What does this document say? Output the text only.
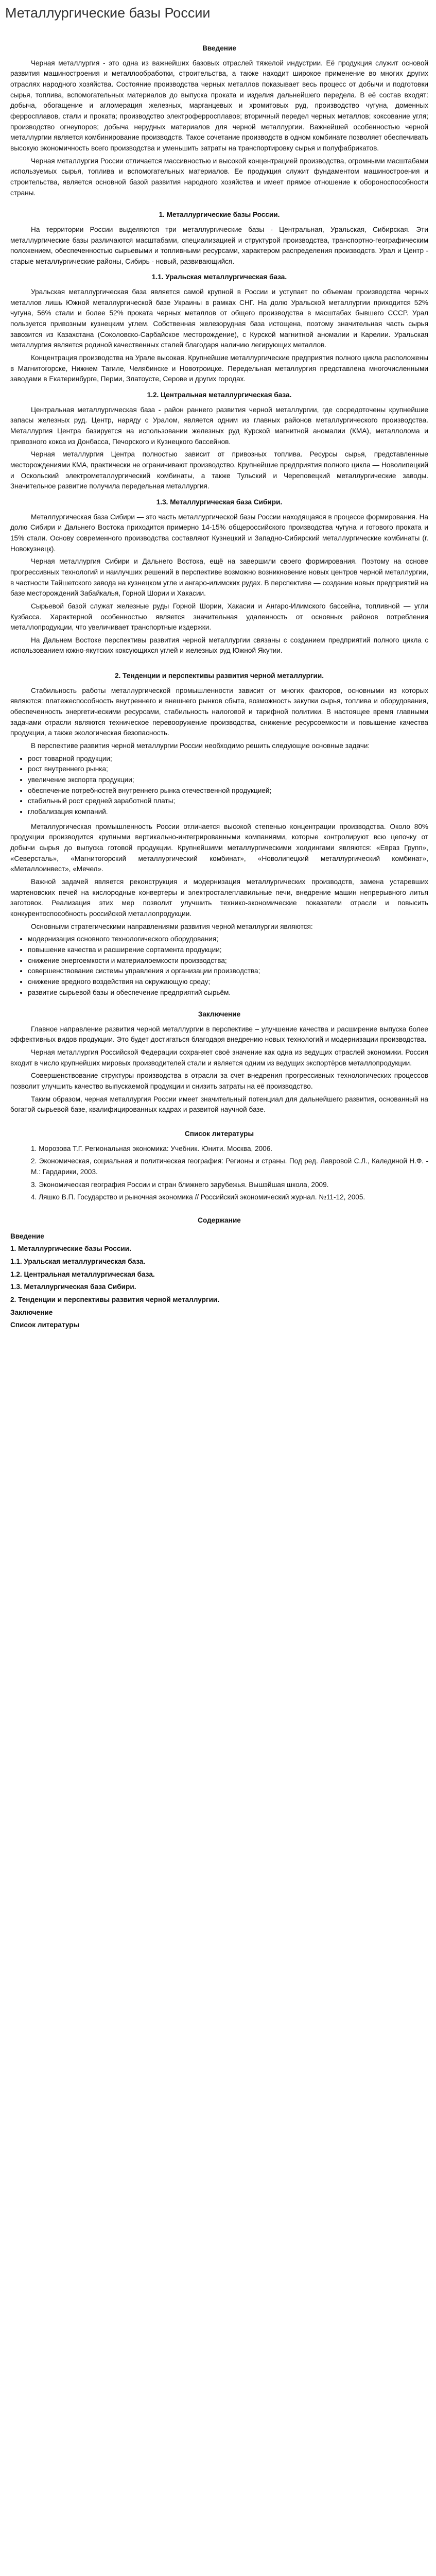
Металлургические базы России
Введение

Черная металлургия - это одна из важнейших базовых отраслей тяжелой индустрии. Её продукция служит основой развития машиностроения и металлообработки, строительства, а также находит широкое применение во многих других отраслях народного хозяйства. Состояние производства черных металлов показывает весь процесс от добычи и подготовки сырья, топлива, вспомогательных материалов до выпуска проката и изделия дальнейшего передела. В её состав входят: добыча, обогащение и агломерация железных, марганцевых и хромитовых руд, производство чугуна, доменных ферросплавов, стали и проката; производство электроферросплавов; вторичный передел черных металлов; коксование угля; производство огнеупоров; добыча нерудных материалов для черной металлургии. Важнейшей особенностью черной металлургии является комбинирование производств. Такое сочетание производств в одном комбинате позволяет обеспечивать высокую экономичность всего производства и уменьшить затраты на транспортировку сырья и полуфабрикатов.

Черная металлургия России отличается массивностью и высокой концентрацией производства, огромными масштабами используемых сырья, топлива и вспомогательных материалов. Ее продукция служит фундаментом машиностроения и строительства, является основной базой развития народного хозяйства и имеет прямое отношение к обороноспособности страны.

1. Металлургические базы России.

На территории России выделяются три металлургические базы - Центральная, Уральская, Сибирская. Эти металлургические базы различаются масштабами, специализацией и структурой производства, транспортно-географическим положением, обеспеченностью сырьевыми и топливными ресурсами, характером распределения производств. Урал и Центр - старые металлургические районы, Сибирь - новый, развивающийся.

1.1. Уральская металлургическая база.

Уральская металлургическая база является самой крупной в России и уступает по объемам производства черных металлов лишь Южной металлургической базе Украины в рамках СНГ. На долю Уральской металлургии приходится 52% чугуна, 56% стали и более 52% проката черных металлов от общего производства в масштабах бывшего СССР. Урал пользуется привозным кузнецким углем. Собственная железорудная база истощена, поэтому значительная часть сырья завозится из Казахстана (Соколовско-Сарбайское месторождение), с Курской магнитной аномалии и Карелии. Уральская металлургия является родиной качественных сталей благодаря наличию легирующих металлов.

Концентрация производства на Урале высокая. Крупнейшие металлургические предприятия полного цикла расположены в Магнитогорске, Нижнем Тагиле, Челябинске и Новотроицке. Передельная металлургия представлена многочисленными заводами в Екатеринбурге, Перми, Златоусте, Серове и других городах.

1.2. Центральная металлургическая база.

Центральная металлургическая база - район раннего развития черной металлургии, где сосредоточены крупнейшие запасы железных руд. Центр, наряду с Уралом, является одним из главных районов металлургического производства. Металлургия Центра базируется на использовании железных руд Курской магнитной аномалии (КМА), металлолома и привозного кокса из Донбасса, Печорского и Кузнецкого бассейнов.

Черная металлургия Центра полностью зависит от привозных топлива. Ресурсы сырья, представленные месторождениями КМА, практически не ограничивают производство. Крупнейшие предприятия полного цикла — Новолипецкий и Оскольский электрометаллургический комбинаты, а также Тульский и Череповецкий металлургические заводы. Значительное развитие получила передельная металлургия.

1.3. Металлургическая база Сибири.

Металлургическая база Сибири — это часть металлургической базы России находящаяся в процессе формирования. На долю Сибири и Дальнего Востока приходится примерно 14-15% общероссийского производства чугуна и готового проката и 15% стали. Основу современного производства составляют Кузнецкий и Западно-Сибирский металлургические комбинаты (г. Новокузнецк).

Черная металлургия Сибири и Дальнего Востока, ещё на завершили своего формирования. Поэтому на основе прогрессивных технологий и наилучших решений в перспективе возможно возникновение новых центров черной металлургии, в частности Тайшетского завода на кузнецком угле и ангаро-илимских рудах. В перспективе — создание новых предприятий на базе месторождений Забайкалья, Горной Шории и Хакасии.

Сырьевой базой служат железные руды Горной Шории, Хакасии и Ангаро-Илимского бассейна, топливной — угли Кузбасса. Характерной особенностью является значительная удаленность от основных районов потребления металлопродукции, что увеличивает транспортные издержки.

На Дальнем Востоке перспективы развития черной металлургии связаны с созданием предприятий полного цикла с использованием южно-якутских коксующихся углей и железных руд Южной Якутии.

2. Тенденции и перспективы развития черной металлургии.

Стабильность работы металлургической промышленности зависит от многих факторов, основными из которых являются: платежеспособность внутреннего и внешнего рынков сбыта, возможность закупки сырья, топлива и оборудования, обеспеченность энергетическими ресурсами, стабильность налоговой и тарифной политики. В настоящее время главными задачами отрасли являются техническое перевооружение производства, снижение ресурсоемкости и повышение качества продукции, а также экологическая безопасность.

В перспективе развития черной металлургии России необходимо решить следующие основные задачи:

• рост товарной продукции;
• рост внутреннего рынка;
• увеличение экспорта продукции;
• обеспечение потребностей внутреннего рынка отечественной продукцией;
• стабильный рост средней заработной платы;
• глобализация компаний.

Металлургическая промышленность России отличается высокой степенью концентрации производства. Около 80% продукции производится крупными вертикально-интегрированными компаниями, которые контролируют всю цепочку от добычи сырья до выпуска готовой продукции. Крупнейшими металлургическими холдингами являются: «Евраз Групп», «Северсталь», «Магнитогорский металлургический комбинат», «Новолипецкий металлургический комбинат», «Металлоинвест», «Мечел».

Важной задачей является реконструкция и модернизация металлургических производств, замена устаревших мартеновских печей на кислородные конвертеры и электросталеплавильные печи, внедрение машин непрерывного литья заготовок. Реализация этих мер позволит улучшить технико-экономические показатели отрасли и повысить конкурентоспособность российской металлопродукции.

Основными стратегическими направлениями развития черной металлургии являются:

• модернизация основного технологического оборудования;
• повышение качества и расширение сортамента продукции;
• снижение энергоемкости и материалоемкости производства;
• совершенствование системы управления и организации производства;
• снижение вредного воздействия на окружающую среду;
• развитие сырьевой базы и обеспечение предприятий сырьём.
Заключение

Главное направление развития черной металлургии в перспективе – улучшение качества и расширение выпуска более эффективных видов продукции. Это будет достигаться благодаря внедрению новых технологий и модернизации производства.

Черная металлургия Российской Федерации сохраняет своё значение как одна из ведущих отраслей экономики. Россия входит в число крупнейших мировых производителей стали и является одним из ведущих экспортёров металлопродукции.

Совершенствование структуры производства в отрасли за счет внедрения прогрессивных технологических процессов позволит улучшить качество выпускаемой продукции и снизить затраты на её производство.

Таким образом, черная металлургия России имеет значительный потенциал для дальнейшего развития, основанный на богатой сырьевой базе, квалифицированных кадрах и развитой научной базе.

Список литературы

1. Морозова Т.Г. Региональная экономика: Учебник. Юнити. Москва, 2006.

2. Экономическая, социальная и политическая география: Регионы и страны. Под ред. Лавровой С.Л., Калединой Н.Ф. - М.: Гардарики, 2003.

3. Экономическая география России и стран ближнего зарубежья. Вышэйшая школа, 2009.

4. Ляшко В.П. Государство и рыночная экономика // Российский экономический журнал. №11-12, 2005.

Содержание

Введение

1. Металлургические базы России.

1.1. Уральская металлургическая база.

1.2. Центральная металлургическая база.

1.3. Металлургическая база Сибири.

2. Тенденции и перспективы развития черной металлургии.

Заключение

Список литературы
